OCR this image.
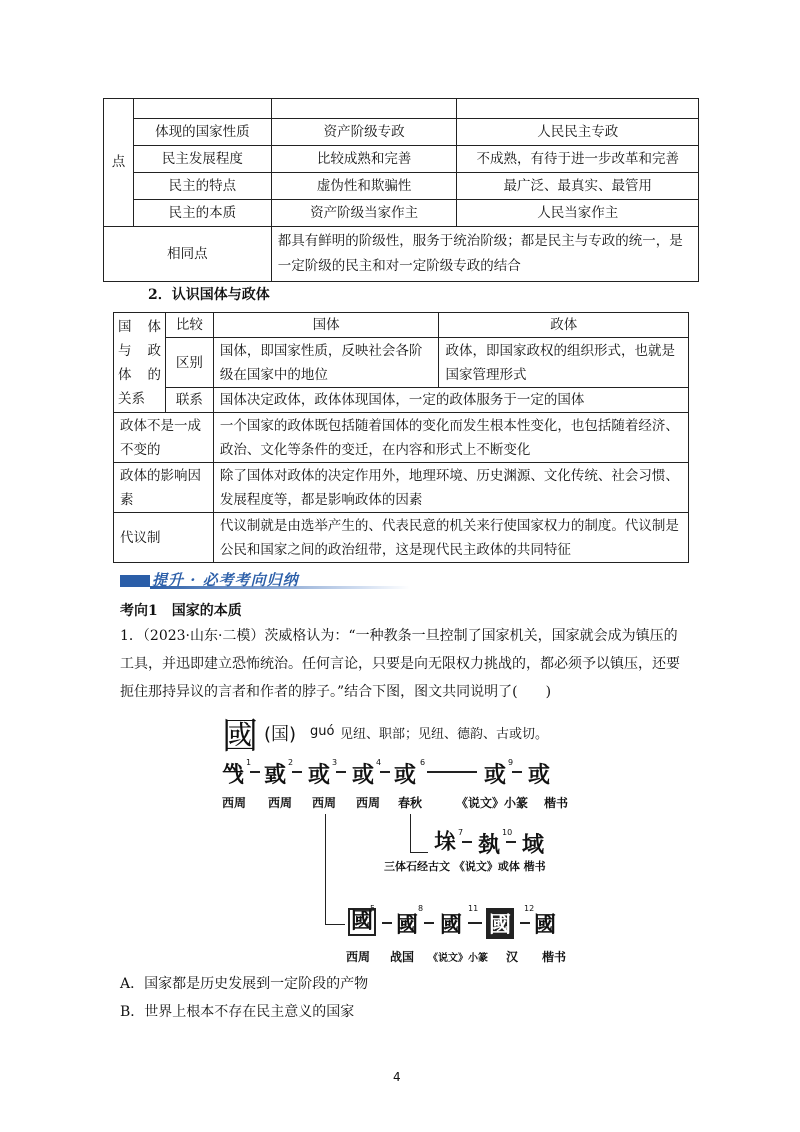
点			
	体现的国家性质	资产阶级专政	人民民主专政
	民主发展程度	比较成熟和完善	不成熟，有待于进一步改革和完善
	民主的特点	虚伪性和欺骗性	最广泛、最真实、最管用
	民主的本质	资产阶级当家作主	人民当家作主
相同点		都具有鲜明的阶级性，服务于统治阶级；都是民主与专政的统一，是一定阶级的民主和对一定阶级专政的结合	
2．认识国体与政体
国　体　与　政　体　的　关系	比较	国体	政体
	区别	国体，即国家性质，反映社会各阶级在国家中的地位	政体，即国家政权的组织形式，也就是国家管理形式
	联系	国体决定政体，政体体现国体，一定的政体服务于一定的国体	

政体不是一成不变的		一个国家的政体既包括随着国体的变化而发生根本性变化，也包括随着经济、政治、文化等条件的变迁，在内容和形式上不断变化	
政体的影响因素		除了国体对政体的决定作用外，地理环境、历史渊源、文化传统、社会习惯、发展程度等，都是影响政体的因素	
代议制		代议制就是由选举产生的、代表民意的机关来行使国家权力的制度。代议制是公民和国家之间的政治纽带，这是现代民主政体的共同特征	
提升 · 必考考向归纳
考向1　国家的本质
1．（2023·山东·二模）茨威格认为：“一种教条一旦控制了国家机关，国家就会成为镇压的工具，并迅即建立恐怖统治。任何言论，只要是向无限权力挑战的，都必须予以镇压，还要扼住那持异议的言者和作者的脖子。”结合下图，图文共同说明了(　　)
國 (国) guó 见纽、职部；见纽、德韵、古或切。
㦰 戜 或 或 或	或 或
1	2	3	4	6	9
西周 西周 西周 西周 春秋	《说文》小篆 楷书
𡋠 埶 域
7	10
三体石经古文 《说文》或体 楷书
國 國 國 國 國
5	8	11	12
西周 战国 《说文》小篆 汉 楷书
A．国家都是历史发展到一定阶段的产物
B．世界上根本不存在民主意义的国家
4
